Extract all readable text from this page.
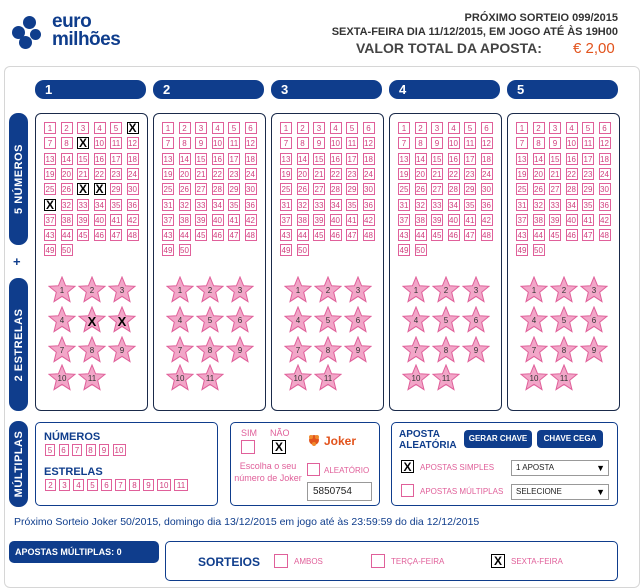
euro
milhões
PRÓXIMO SORTEIO 099/2015
SEXTA-FEIRA DIA 11/12/2015, EM JOGO ATÉ ÀS 19H00
VALOR TOTAL DA APOSTA: € 2,00
1	2	3	4	5
5 NÚMEROS
+
2 ESTRELAS
MÚLTIPLAS
1	2	3	4	5 X
7	8 X 10 11 12
13 14 15 16 17 18
19 20 21 22 23 24
25 26 X X 29 30
X 32 33 34 35 36
37 38 39 40 41 42
43 44 45 46 47 48
49 50
1	2	3
4	X	X
7	8	9
10	11
1	2	3	4	5	6
7	8	9	10 11 12
13 14 15 16 17 18
19 20 21 22 23 24
25 26 27 28 29 30
31 32 33 34 35 36
37 38 39 40 41 42
43 44 45 46 47 48
49 50
1	2	3
4	5	6
7	8	9
10	11
1	2	3	4	5	6
7	8	9	10 11 12
13 14 15 16 17 18
19 20 21 22 23 24
25 26 27 28 29 30
31 32 33 34 35 36
37 38 39 40 41 42
43 44 45 46 47 48
49 50
1	2	3
4	5	6
7	8	9
10	11
1	2	3	4	5	6
7	8	9	10 11 12
13 14 15 16 17 18
19 20 21 22 23 24
25 26 27 28 29 30
31 32 33 34 35 36
37 38 39 40 41 42
43 44 45 46 47 48
49 50
1	2	3
4	5	6
7	8	9
10	11
1	2	3	4	5	6
7	8	9	10 11 12
13 14 15 16 17 18
19 20 21 22 23 24
25 26 27 28 29 30
31 32 33 34 35 36
37 38 39 40 41 42
43 44 45 46 47 48
49 50
1	2	3
4	5	6
7	8	9
10	11
NÚMEROS
5	6	7	8	9	10
ESTRELAS
2	3	4	5	6	7	8	9	10	11
SIM NÃO
X	Joker
Escolha o seu número de Joker
ALEATÓRIO
5850754
APOSTA ALEATÓRIA
GERAR CHAVE	CHAVE CEGA
X	APOSTAS SIMPLES	1 APOSTA	▼
APOSTAS MÚLTIPLAS	SELECIONE	▼
Próximo Sorteio Joker 50/2015, domingo dia 13/12/2015 em jogo até às 23:59:59 do dia 12/12/2015
APOSTAS MÚLTIPLAS: 0
SORTEIOS	AMBOS	TERÇA-FEIRA	X	SEXTA-FEIRA
